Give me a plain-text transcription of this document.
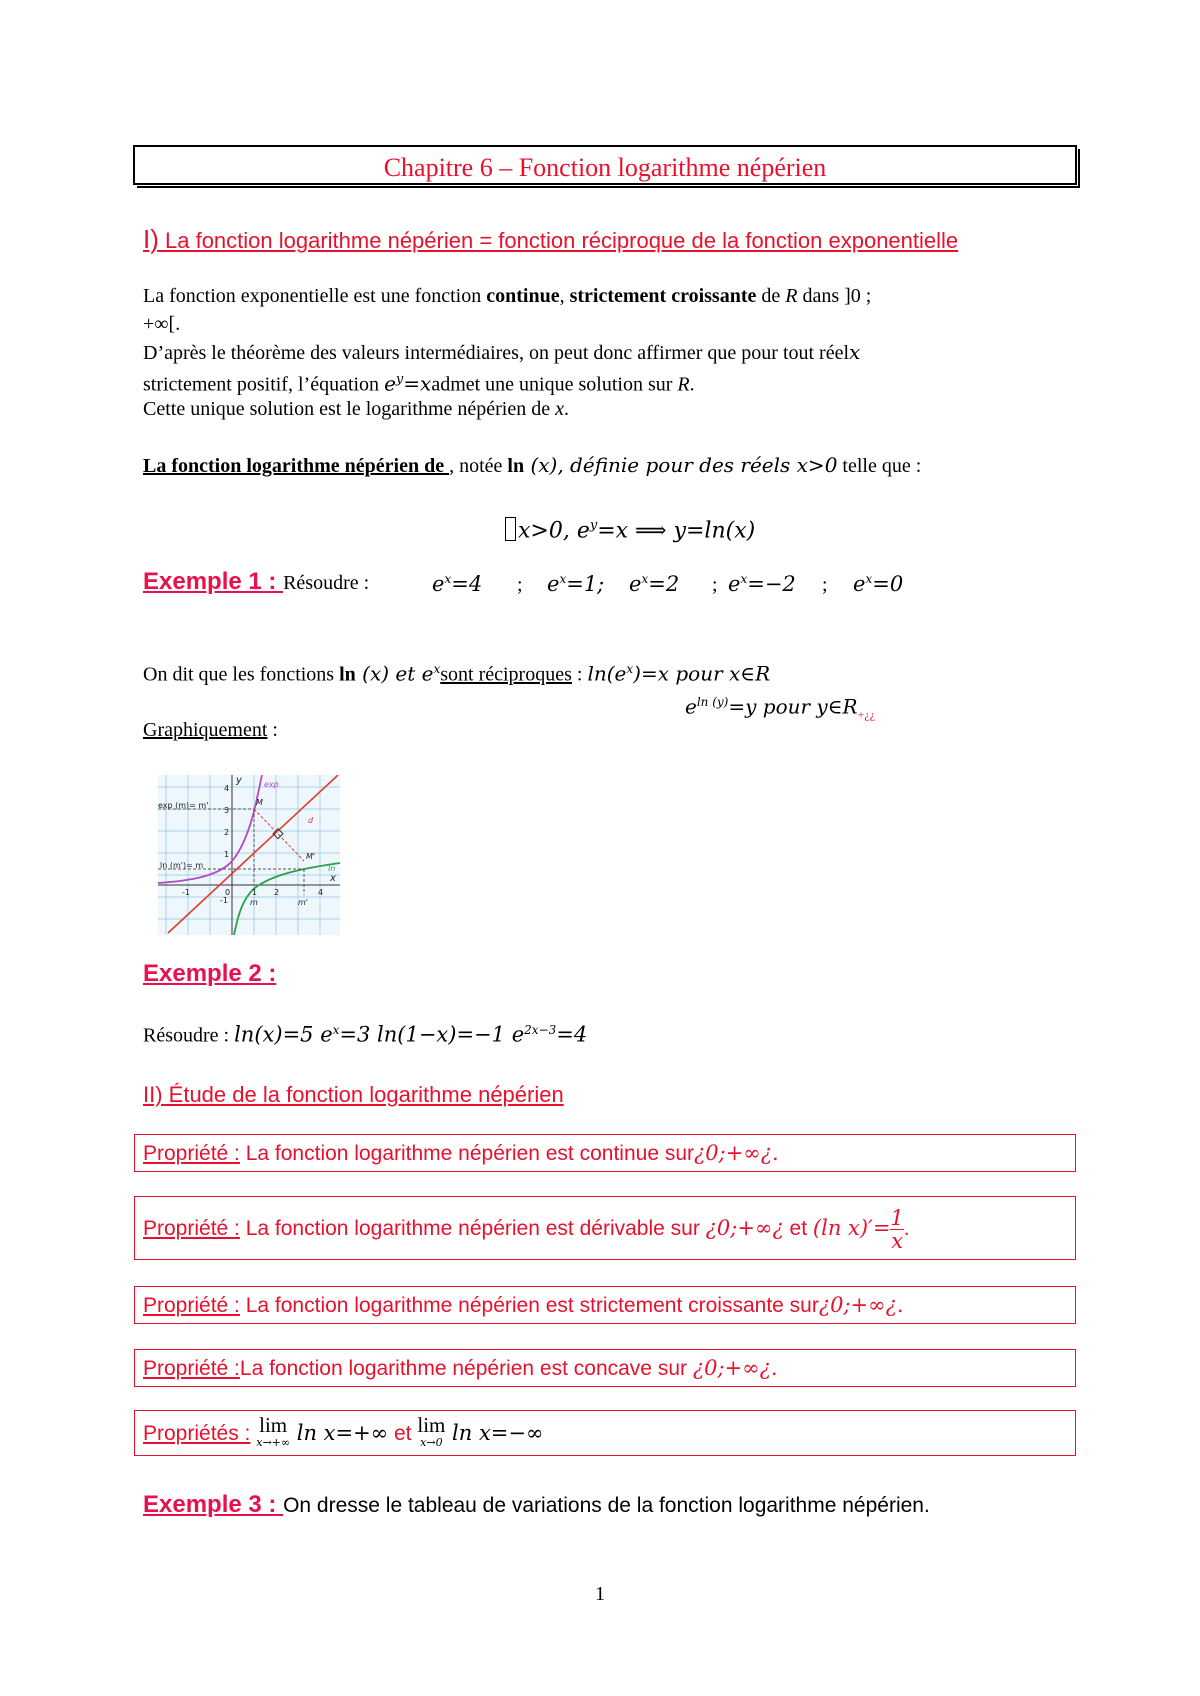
Chapitre 6 – Fonction logarithme népérien
I) La fonction logarithme népérien = fonction réciproque de la fonction exponentielle
La fonction exponentielle est une fonction continue, strictement croissante de R dans ]0 ;
+∞[.
D’après le théorème des valeurs intermédiaires, on peut donc affirmer que pour tout réelx
strictement positif, l’équation $e^y=xadmet$ une unique solution sur R.
Cette unique solution est le logarithme népérien de x.
La fonction logarithme népérien de , notée ln (x), définie pour des réels x>0 telle que :
x>0, $e^y=x$ ⟹ y=ln(x)
Exemple 1 : Résoudre :	$e^x=4$ ; $e^x=1$; $e^x=2$ ; $e^x=-2$ ; $e^x=0$
On dit que les fonctions ln (x) et $e^xsont$ réciproques : $\ln(e^x)=x$ pour x∈R
$e^{ln (y)}=y$ pour $y\in R_{+¿¿}$
Graphiquement :
exp (m)= m'
ln (m')= m
y
x
exp
ln
d
M
M'
4
3
2
1
-1
-1	0	1 2	4
m	m'
Exemple 2 :
Résoudre : ln(x)=5 $e^x=3$ ln(1−x)=−1 $e^{2x-3}=4$
II) Étude de la fonction logarithme népérien
Propriété : La fonction logarithme népérien est continue sur¿0;+∞¿.
Propriété : La fonction logarithme népérien est dérivable sur ¿0;+∞¿ et (ln $x)'= \frac{1}{x}$ .
Propriété : La fonction logarithme népérien est strictement croissante sur¿0;+∞¿.
Propriété :La fonction logarithme népérien est concave sur ¿0;+∞¿.
Propriétés : lim
x→+∞ ln x=+∞ et lim
x→0 ln x=−∞
Exemple 3 : On dresse le tableau de variations de la fonction logarithme népérien.
1
